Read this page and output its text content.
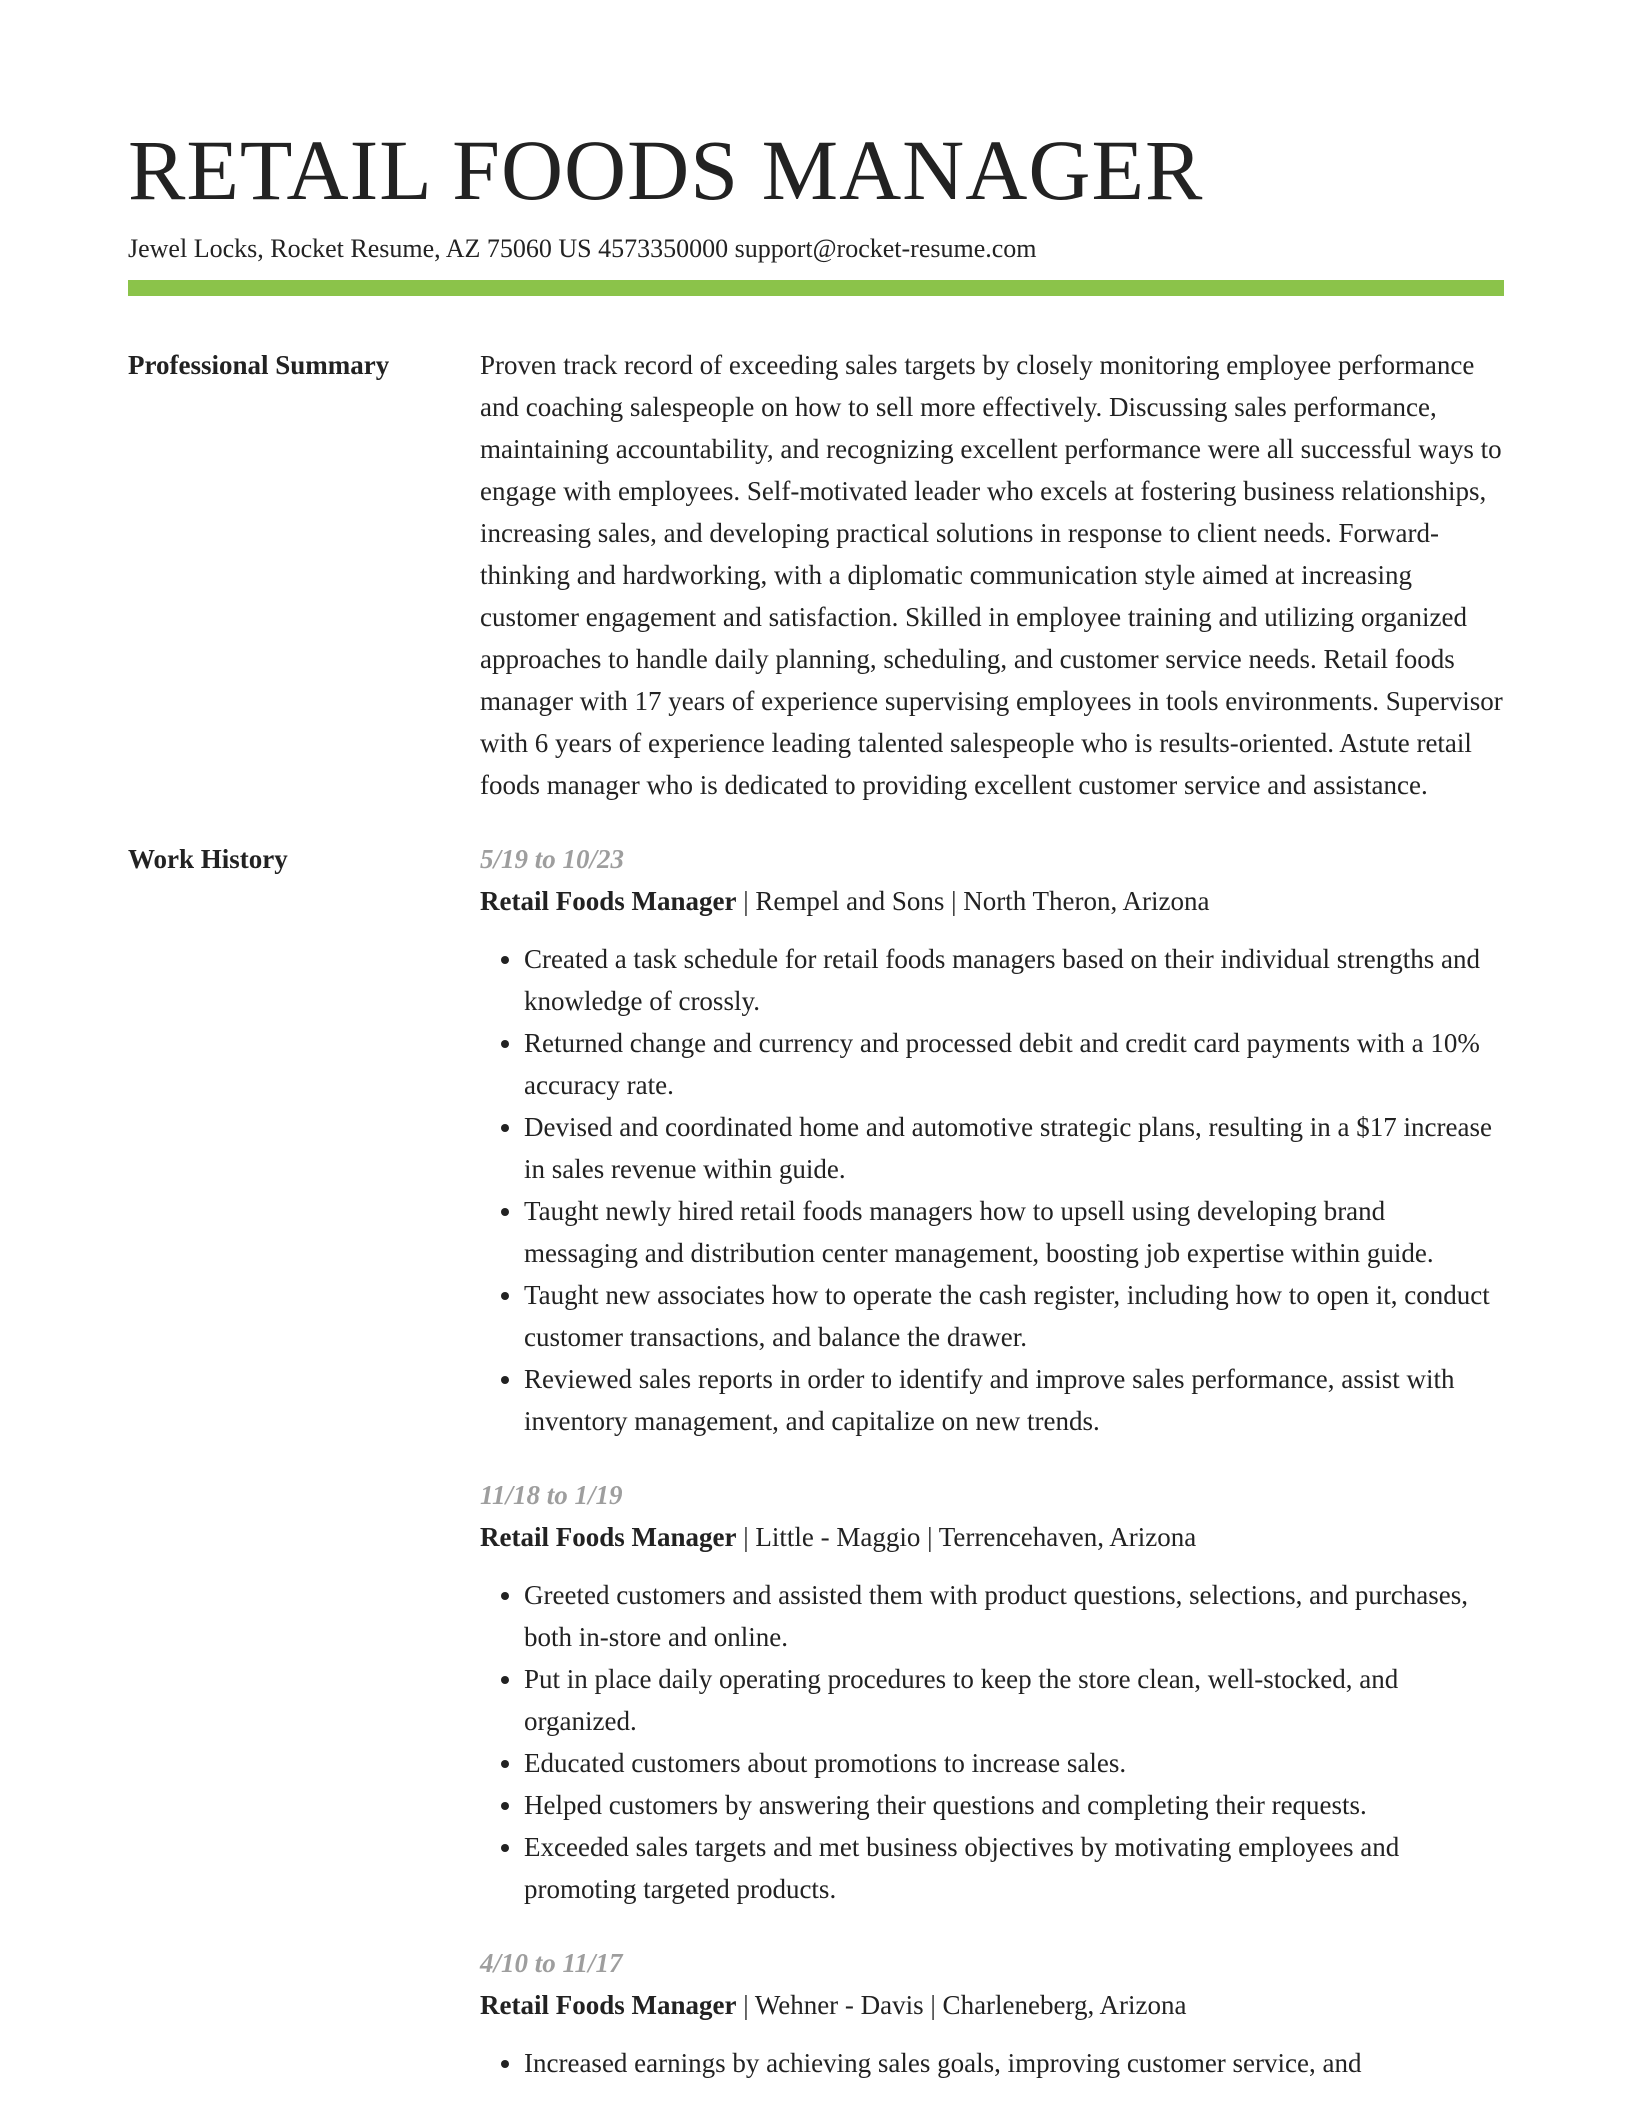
RETAIL FOODS MANAGER
Jewel Locks, Rocket Resume, AZ 75060 US 4573350000 support@rocket-resume.com
Professional Summary	Proven track record of exceeding sales targets by closely monitoring employee performance and coaching salespeople on how to sell more effectively. Discussing sales performance, maintaining accountability, and recognizing excellent performance were all successful ways to engage with employees. Self-motivated leader who excels at fostering business relationships, increasing sales, and developing practical solutions in response to client needs. Forward-thinking and hardworking, with a diplomatic communication style aimed at increasing customer engagement and satisfaction. Skilled in employee training and utilizing organized approaches to handle daily planning, scheduling, and customer service needs. Retail foods manager with 17 years of experience supervising employees in tools environments. Supervisor with 6 years of experience leading talented salespeople who is results-oriented. Astute retail foods manager who is dedicated to providing excellent customer service and assistance.
Work History	5/19 to 10/23
Retail Foods Manager | Rempel and Sons | North Theron, Arizona
• Created a task schedule for retail foods managers based on their individual strengths and knowledge of crossly.
• Returned change and currency and processed debit and credit card payments with a 10% accuracy rate.
• Devised and coordinated home and automotive strategic plans, resulting in a $17 increase in sales revenue within guide.
• Taught newly hired retail foods managers how to upsell using developing brand messaging and distribution center management, boosting job expertise within guide.
• Taught new associates how to operate the cash register, including how to open it, conduct customer transactions, and balance the drawer.
• Reviewed sales reports in order to identify and improve sales performance, assist with inventory management, and capitalize on new trends.
11/18 to 1/19
Retail Foods Manager | Little - Maggio | Terrencehaven, Arizona
• Greeted customers and assisted them with product questions, selections, and purchases, both in-store and online.
• Put in place daily operating procedures to keep the store clean, well-stocked, and organized.
• Educated customers about promotions to increase sales.
• Helped customers by answering their questions and completing their requests.
• Exceeded sales targets and met business objectives by motivating employees and promoting targeted products.
4/10 to 11/17
Retail Foods Manager | Wehner - Davis | Charleneberg, Arizona
• Increased earnings by achieving sales goals, improving customer service, and
